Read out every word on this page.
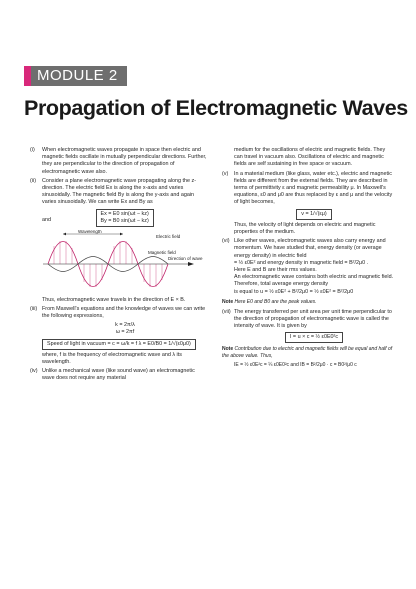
MODULE 2
Propagation of Electromagnetic Waves
(i) When electromagnetic waves propagate in space then electric and magnetic fields oscillate in mutually perpendicular directions. Further, they are perpendicular to the direction of propagation of electromagnetic wave also.
(ii) Consider a plane electromagnetic wave propagating along the z-direction. The electric field Ex is along the x-axis and varies sinusoidally. The magnetic field By is along the y-axis and again varies sinusoidally. We can write Ex and By as
and Ex = E0 sin(ωt − kz)
By = B0 sin(ωt − kz)
Wavelength
Electric field
Magnetic field
Direction of wave
Thus, electromagnetic wave travels in the direction of E × B.
(iii) From Maxwell's equations and the knowledge of waves we can write the following expressions,
k = 2π/λ
ω = 2πf
Speed of light in vacuum = c = ω/k = f λ = E0/B0 = 1/√(ε0μ0)
where, f is the frequency of electromagnetic wave and λ its wavelength.
(iv) Unlike a mechanical wave (like sound wave) an electromagnetic wave does not require any material
medium for the oscillations of electric and magnetic fields. They can travel in vacuum also. Oscillations of electric and magnetic fields are self sustaining in free space or vacuum.
(v) In a material medium (like glass, water etc.), electric and magnetic fields are different from the external fields. They are described in terms of permittivity ε and magnetic permeability μ. In Maxwell's equations, ε0 and μ0 are thus replaced by ε and μ and the velocity of light becomes,
v = 1/√(εμ)
Thus, the velocity of light depends on electric and magnetic properties of the medium.
(vi) Like other waves, electromagnetic waves also carry energy and momentum. We have studied that, energy density (or average energy density) in electric field
= ½ ε0E² and energy density in magnetic field = B²/2μ0 .
Here E and B are their rms values.
An electromagnetic wave contains both electric and magnetic field. Therefore, total average energy density
is equal to u = ½ ε0E² + B²/2μ0 = ½ ε0E² = B²/2μ0
Note Here E0 and B0 are the peak values.
(vii) The energy transferred per unit area per unit time perpendicular to the direction of propagation of electromagnetic wave is called the intensity of wave. It is given by
I = u × c = ½ ε0E0²c
Note Contribution due to electric and magnetic fields will be equal and half of the above value. Thus,
IE = ½ ε0E²c = ¼ ε0E0²c and IB = B²/2μ0 · c = B0²/μ0 c
